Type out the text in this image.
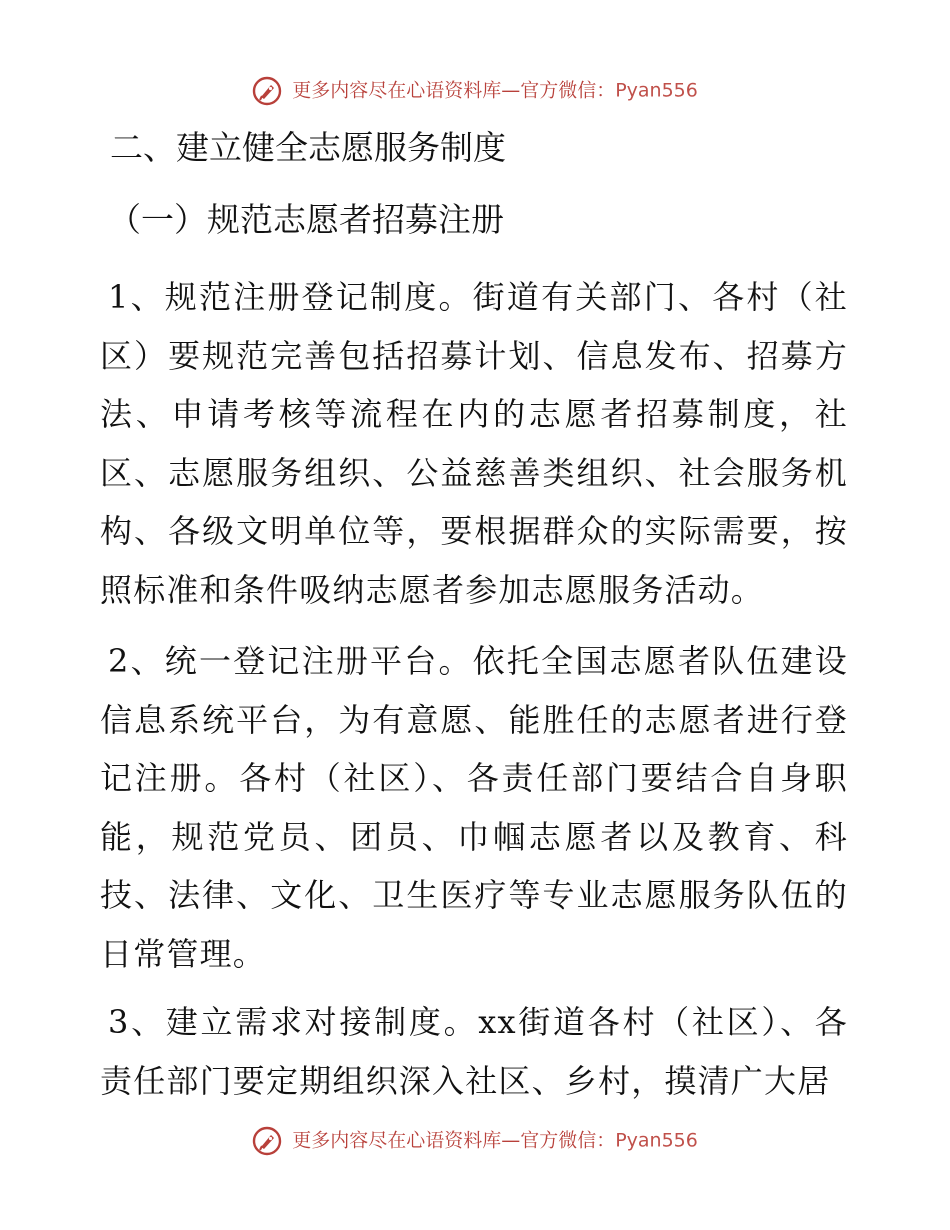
更多内容尽在心语资料库—官方微信：Pyan556
二、建立健全志愿服务制度
（一）规范志愿者招募注册
1、规范注册登记制度。街道有关部门、各村（社区）要规范完善包括招募计划、信息发布、招募方法、申请考核等流程在内的志愿者招募制度，社区、志愿服务组织、公益慈善类组织、社会服务机构、各级文明单位等，要根据群众的实际需要，按照标准和条件吸纳志愿者参加志愿服务活动。
2、统一登记注册平台。依托全国志愿者队伍建设信息系统平台，为有意愿、能胜任的志愿者进行登记注册。各村（社区）、各责任部门要结合自身职能，规范党员、团员、巾帼志愿者以及教育、科技、法律、文化、卫生医疗等专业志愿服务队伍的日常管理。
3、建立需求对接制度。xx街道各村（社区）、各责任部门要定期组织深入社区、乡村，摸清广大居
更多内容尽在心语资料库—官方微信：Pyan556
